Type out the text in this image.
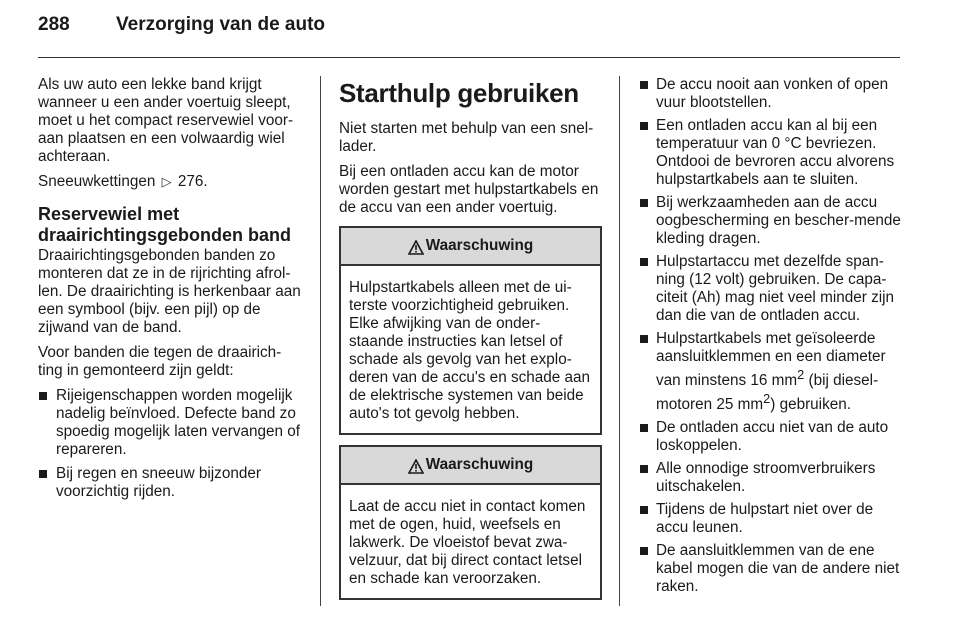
288	Verzorging van de auto

Als uw auto een lekke band krijgt wanneer u een ander voertuig sleept, moet u het compact reservewiel voor-aan plaatsen en een volwaardig wiel achteraan.

Sneeuwkettingen ▷ 276.

Reservewiel met draairichtingsgebonden band

Draairichtingsgebonden banden zo monteren dat ze in de rijrichting afrol-len. De draairichting is herkenbaar aan een symbool (bijv. een pijl) op de zijwand van de band.

Voor banden die tegen de draairich-ting in gemonteerd zijn geldt:

Rijeigenschappen worden mogelijk nadelig beïnvloed. Defecte band zo spoedig mogelijk laten vervangen of repareren.
Bij regen en sneeuw bijzonder voorzichtig rijden.
Starthulp gebruiken

Niet starten met behulp van een snel-lader.

Bij een ontladen accu kan de motor worden gestart met hulpstartkabels en de accu van een ander voertuig.

Waarschuwing
Hulpstartkabels alleen met de ui-terste voorzichtigheid gebruiken. Elke afwijking van de onder-staande instructies kan letsel of schade als gevolg van het explo-deren van de accu's en schade aan de elektrische systemen van beide auto's tot gevolg hebben.
Waarschuwing
Laat de accu niet in contact komen met de ogen, huid, weefsels en lakwerk. De vloeistof bevat zwa-velzuur, dat bij direct contact letsel en schade kan veroorzaken.
De accu nooit aan vonken of open vuur blootstellen.
Een ontladen accu kan al bij een temperatuur van 0 °C bevriezen. Ontdooi de bevroren accu alvorens hulpstartkabels aan te sluiten.
Bij werkzaamheden aan de accu oogbescherming en bescher-mende kleding dragen.
Hulpstartaccu met dezelfde span-ning (12 volt) gebruiken. De capa-citeit (Ah) mag niet veel minder zijn dan die van de ontladen accu.
Hulpstartkabels met geïsoleerde aansluitklemmen en een diameter van minstens 16 $mm^2$ (bij diesel-motoren 25 $mm^2$) gebruiken.
De ontladen accu niet van de auto loskoppelen.
Alle onnodige stroomverbruikers uitschakelen.
Tijdens de hulpstart niet over de accu leunen.
De aansluitklemmen van de ene kabel mogen die van de andere niet raken.
